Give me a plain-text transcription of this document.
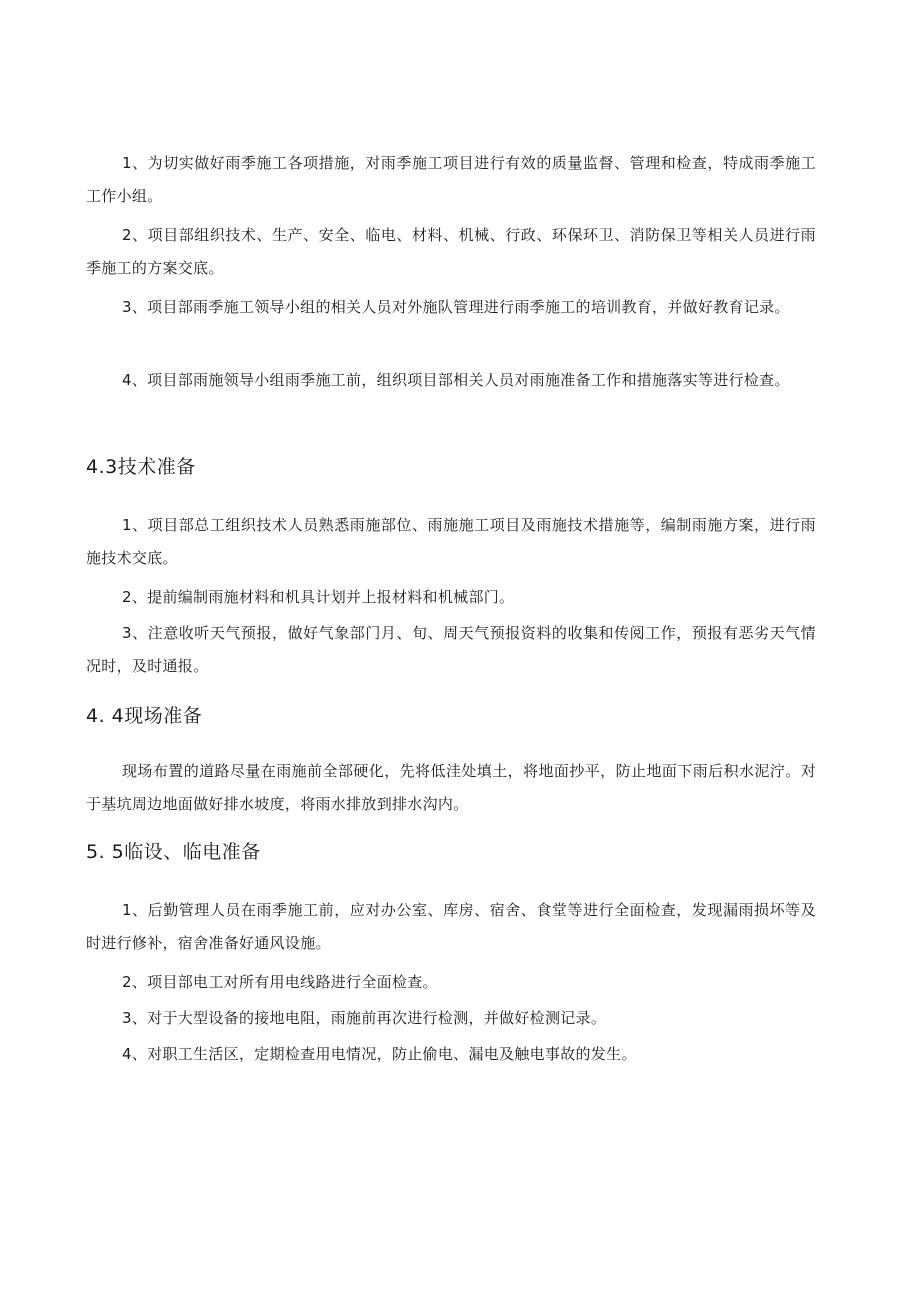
1、为切实做好雨季施工各项措施，对雨季施工项目进行有效的质量监督、管理和检查，特成雨季施工工作小组。

2、项目部组织技术、生产、安全、临电、材料、机械、行政、环保环卫、消防保卫等相关人员进行雨季施工的方案交底。

3、项目部雨季施工领导小组的相关人员对外施队管理进行雨季施工的培训教育，并做好教育记录。

4、项目部雨施领导小组雨季施工前，组织项目部相关人员对雨施准备工作和措施落实等进行检查。

4.3技术准备

1、项目部总工组织技术人员熟悉雨施部位、雨施施工项目及雨施技术措施等，编制雨施方案，进行雨施技术交底。

2、提前编制雨施材料和机具计划并上报材料和机械部门。

3、注意收听天气预报，做好气象部门月、旬、周天气预报资料的收集和传阅工作，预报有恶劣天气情况时，及时通报。

4. 4现场准备

现场布置的道路尽量在雨施前全部硬化，先将低洼处填土，将地面抄平，防止地面下雨后积水泥泞。对于基坑周边地面做好排水坡度，将雨水排放到排水沟内。

5. 5临设、临电准备

1、后勤管理人员在雨季施工前，应对办公室、库房、宿舍、食堂等进行全面检查，发现漏雨损坏等及时进行修补，宿舍准备好通风设施。

2、项目部电工对所有用电线路进行全面检查。

3、对于大型设备的接地电阻，雨施前再次进行检测，并做好检测记录。

4、对职工生活区，定期检查用电情况，防止偷电、漏电及触电事故的发生。
